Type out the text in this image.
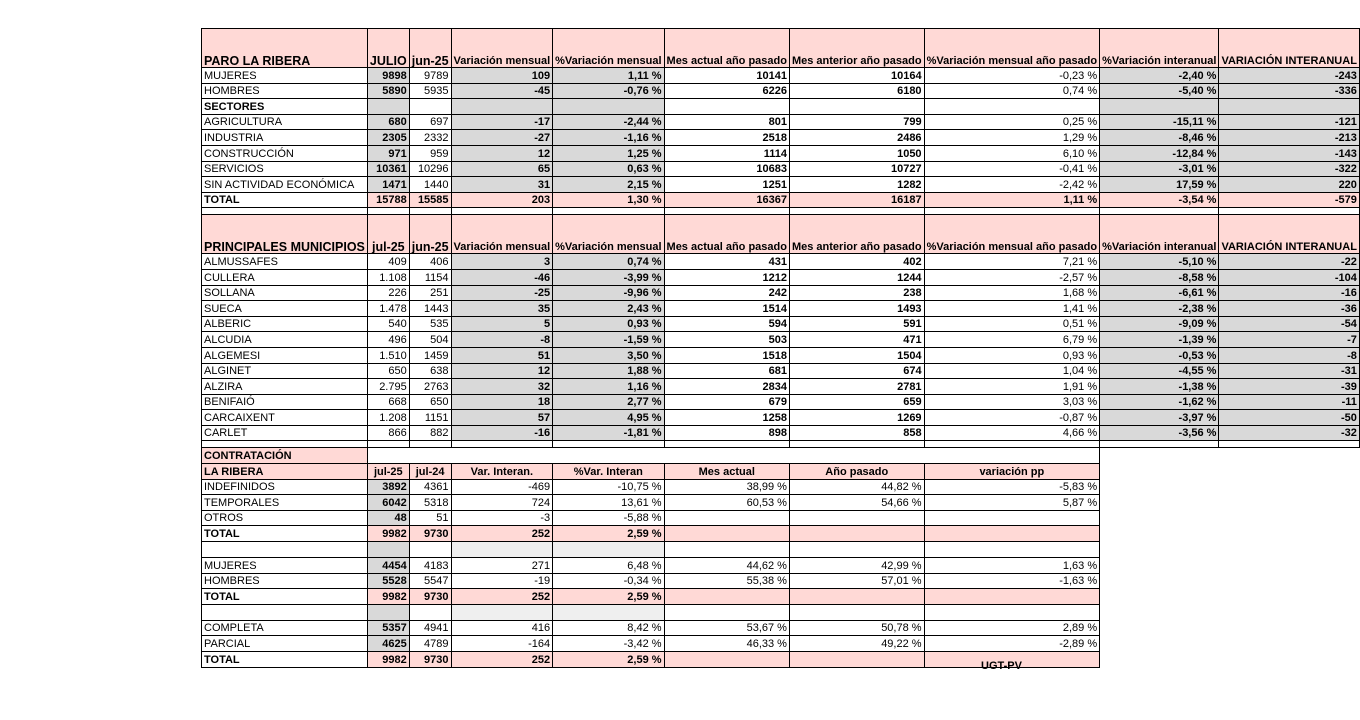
PARO LA RIBERA	JULIO	jun-25	Variación mensual	%Variación mensual	Mes actual año pasado	Mes anterior año pasado	%Variación mensual año pasado	%Variación interanual	VARIACIÓN INTERANUAL
MUJERES	9898	9789	109	1,11 %	10141	10164	-0,23 %	-2,40 %	-243
HOMBRES	5890	5935	-45	-0,76 %	6226	6180	0,74 %	-5,40 %	-336
SECTORES									
AGRICULTURA	680	697	-17	-2,44 %	801	799	0,25 %	-15,11 %	-121
INDUSTRIA	2305	2332	-27	-1,16 %	2518	2486	1,29 %	-8,46 %	-213
CONSTRUCCIÓN	971	959	12	1,25 %	1114	1050	6,10 %	-12,84 %	-143
SERVICIOS	10361	10296	65	0,63 %	10683	10727	-0,41 %	-3,01 %	-322
SIN ACTIVIDAD ECONÓMICA	1471	1440	31	2,15 %	1251	1282	-2,42 %	17,59 %	220
TOTAL	15788	15585	203	1,30 %	16367	16187	1,11 %	-3,54 %	-579

PRINCIPALES MUNICIPIOS	jul-25	jun-25	Variación mensual	%Variación mensual	Mes actual año pasado	Mes anterior año pasado	%Variación mensual año pasado	%Variación interanual	VARIACIÓN INTERANUAL
ALMUSSAFES	409	406	3	0,74 %	431	402	7,21 %	-5,10 %	-22
CULLERA	1.108	1154	-46	-3,99 %	1212	1244	-2,57 %	-8,58 %	-104
SOLLANA	226	251	-25	-9,96 %	242	238	1,68 %	-6,61 %	-16
SUECA	1.478	1443	35	2,43 %	1514	1493	1,41 %	-2,38 %	-36
ALBERIC	540	535	5	0,93 %	594	591	0,51 %	-9,09 %	-54
ALCUDIA	496	504	-8	-1,59 %	503	471	6,79 %	-1,39 %	-7
ALGEMESI	1.510	1459	51	3,50 %	1518	1504	0,93 %	-0,53 %	-8
ALGINET	650	638	12	1,88 %	681	674	1,04 %	-4,55 %	-31
ALZIRA	2.795	2763	32	1,16 %	2834	2781	1,91 %	-1,38 %	-39
BENIFAIÓ	668	650	18	2,77 %	679	659	3,03 %	-1,62 %	-11
CARCAIXENT	1.208	1151	57	4,95 %	1258	1269	-0,87 %	-3,97 %	-50
CARLET	866	882	-16	-1,81 %	898	858	4,66 %	-3,56 %	-32

CONTRATACIÓN									
LA RIBERA	jul-25	jul-24	Var. Interan.	%Var. Interan	Mes actual	Año pasado	variación pp		
INDEFINIDOS	3892	4361	-469	-10,75 %	38,99 %	44,82 %	-5,83 %		
TEMPORALES	6042	5318	724	13,61 %	60,53 %	54,66 %	5,87 %		
OTROS	48	51	-3	-5,88 %					
TOTAL	9982	9730	252	2,59 %					

MUJERES	4454	4183	271	6,48 %	44,62 %	42,99 %	1,63 %		
HOMBRES	5528	5547	-19	-0,34 %	55,38 %	57,01 %	-1,63 %		
TOTAL	9982	9730	252	2,59 %					

COMPLETA	5357	4941	416	8,42 %	53,67 %	50,78 %	2,89 %		
PARCIAL	4625	4789	-164	-3,42 %	46,33 %	49,22 %	-2,89 %		
TOTAL	9982	9730	252	2,59 %					
UGT-PV
